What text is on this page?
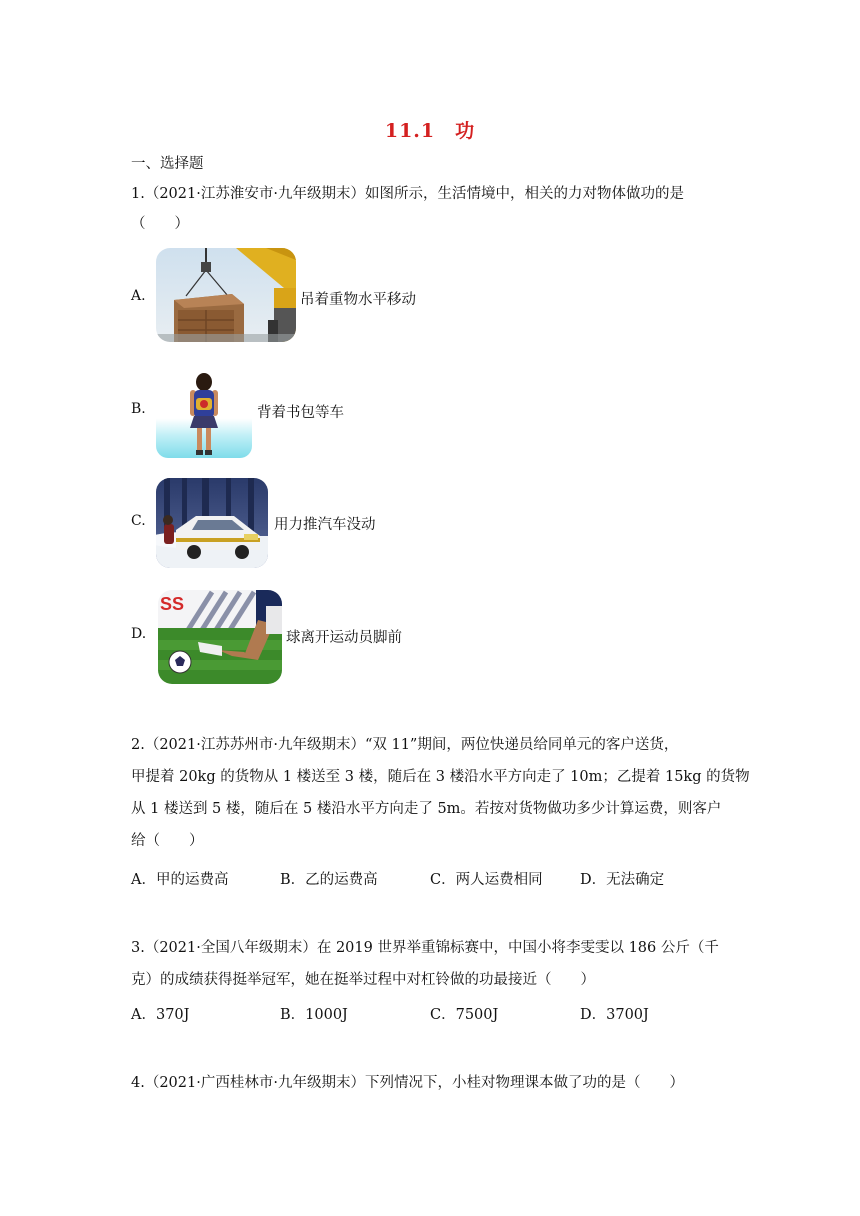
11.1　功
一、选择题
1.（2021·江苏淮安市·九年级期末）如图所示，生活情境中，相关的力对物体做功的是
（　　）
A.	吊着重物水平移动
B.	背着书包等车
C.	用力推汽车没动
D.
SS
球离开运动员脚前
2.（2021·江苏苏州市·九年级期末）“双 11”期间，两位快递员给同单元的客户送货，
甲提着 20kg 的货物从 1 楼送至 3 楼，随后在 3 楼沿水平方向走了 10m；乙提着 15kg 的货物
从 1 楼送到 5 楼，随后在 5 楼沿水平方向走了 5m。若按对货物做功多少计算运费，则客户
给（　　）
A．甲的运费高	B．乙的运费高	C．两人运费相同	D．无法确定
3.（2021·全国八年级期末）在 2019 世界举重锦标赛中，中国小将李雯雯以 186 公斤（千
克）的成绩获得挺举冠军，她在挺举过程中对杠铃做的功最接近（　　）
A．370J	B．1000J	C．7500J	D．3700J
4.（2021·广西桂林市·九年级期末）下列情况下，小桂对物理课本做了功的是（　　）
